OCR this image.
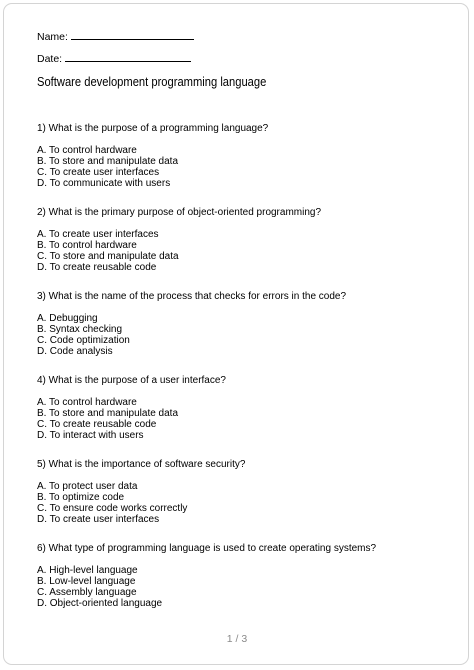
Name:
Date:
Software development programming language
1) What is the purpose of a programming language?
A. To control hardware
B. To store and manipulate data
C. To create user interfaces
D. To communicate with users
2) What is the primary purpose of object-oriented programming?
A. To create user interfaces
B. To control hardware
C. To store and manipulate data
D. To create reusable code
3) What is the name of the process that checks for errors in the code?
A. Debugging
B. Syntax checking
C. Code optimization
D. Code analysis
4) What is the purpose of a user interface?
A. To control hardware
B. To store and manipulate data
C. To create reusable code
D. To interact with users
5) What is the importance of software security?
A. To protect user data
B. To optimize code
C. To ensure code works correctly
D. To create user interfaces
6) What type of programming language is used to create operating systems?
A. High-level language
B. Low-level language
C. Assembly language
D. Object-oriented language
1 / 3
